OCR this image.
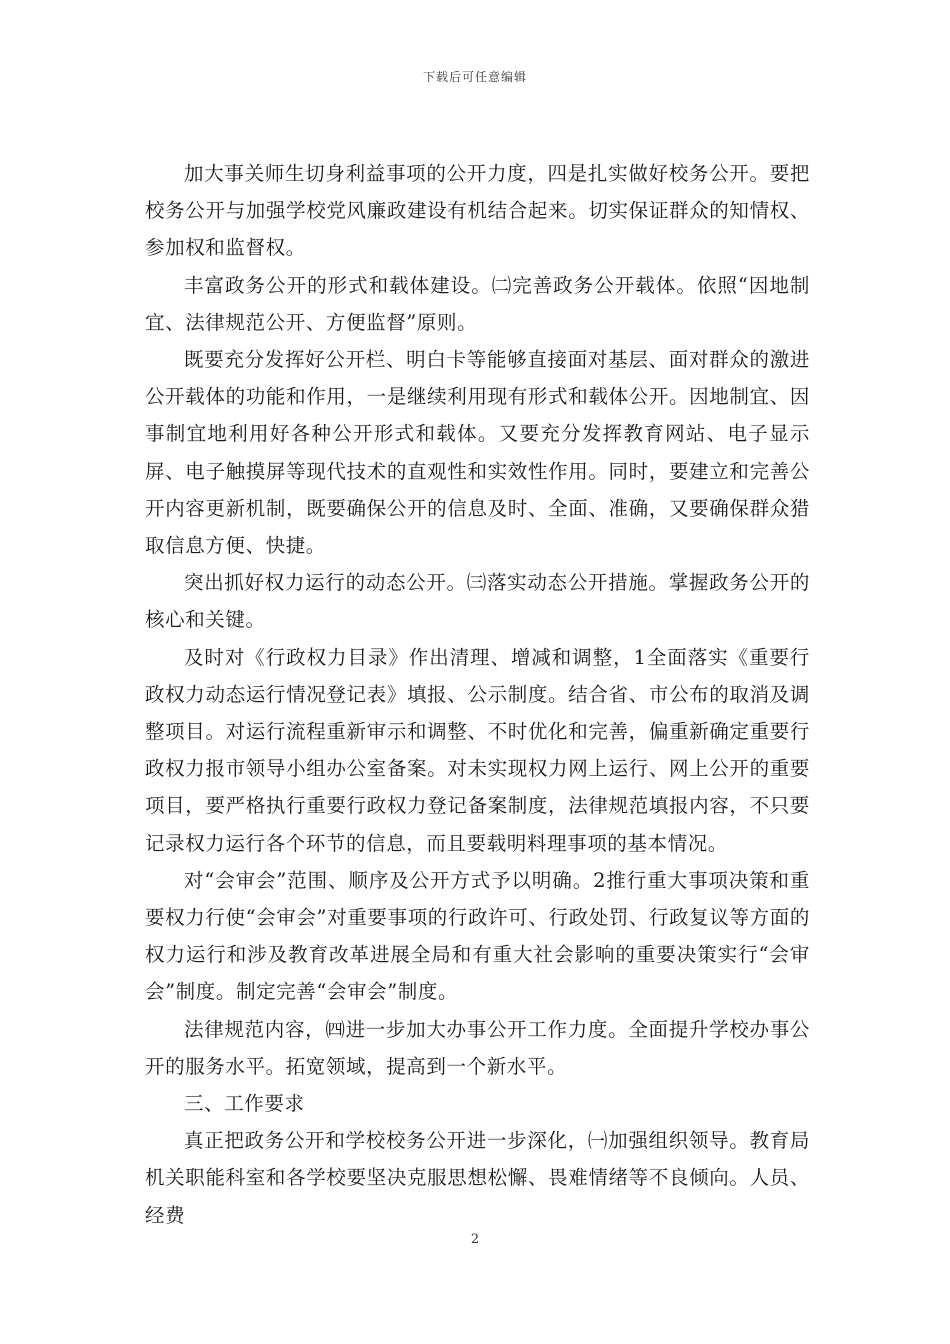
下载后可任意编辑

加大事关师生切身利益事项的公开力度，四是扎实做好校务公开。要把校务公开与加强学校党风廉政建设有机结合起来。切实保证群众的知情权、参加权和监督权。

丰富政务公开的形式和载体建设。㈡完善政务公开载体。依照“因地制宜、法律规范公开、方便监督”原则。

既要充分发挥好公开栏、明白卡等能够直接面对基层、面对群众的激进公开载体的功能和作用，一是继续利用现有形式和载体公开。因地制宜、因事制宜地利用好各种公开形式和载体。又要充分发挥教育网站、电子显示屏、电子触摸屏等现代技术的直观性和实效性作用。同时，要建立和完善公开内容更新机制，既要确保公开的信息及时、全面、准确，又要确保群众猎取信息方便、快捷。

突出抓好权力运行的动态公开。㈢落实动态公开措施。掌握政务公开的核心和关键。

及时对《行政权力目录》作出清理、增减和调整，1全面落实《重要行政权力动态运行情况登记表》填报、公示制度。结合省、市公布的取消及调整项目。对运行流程重新审示和调整、不时优化和完善，偏重新确定重要行政权力报市领导小组办公室备案。对未实现权力网上运行、网上公开的重要项目，要严格执行重要行政权力登记备案制度，法律规范填报内容，不只要记录权力运行各个环节的信息，而且要载明料理事项的基本情况。

对“会审会”范围、顺序及公开方式予以明确。2推行重大事项决策和重要权力行使“会审会”对重要事项的行政许可、行政处罚、行政复议等方面的权力运行和涉及教育改革进展全局和有重大社会影响的重要决策实行“会审会”制度。制定完善“会审会”制度。

法律规范内容，㈣进一步加大办事公开工作力度。全面提升学校办事公开的服务水平。拓宽领域，提高到一个新水平。

三、工作要求

真正把政务公开和学校校务公开进一步深化，㈠加强组织领导。教育局机关职能科室和各学校要坚决克服思想松懈、畏难情绪等不良倾向。人员、经费

2
